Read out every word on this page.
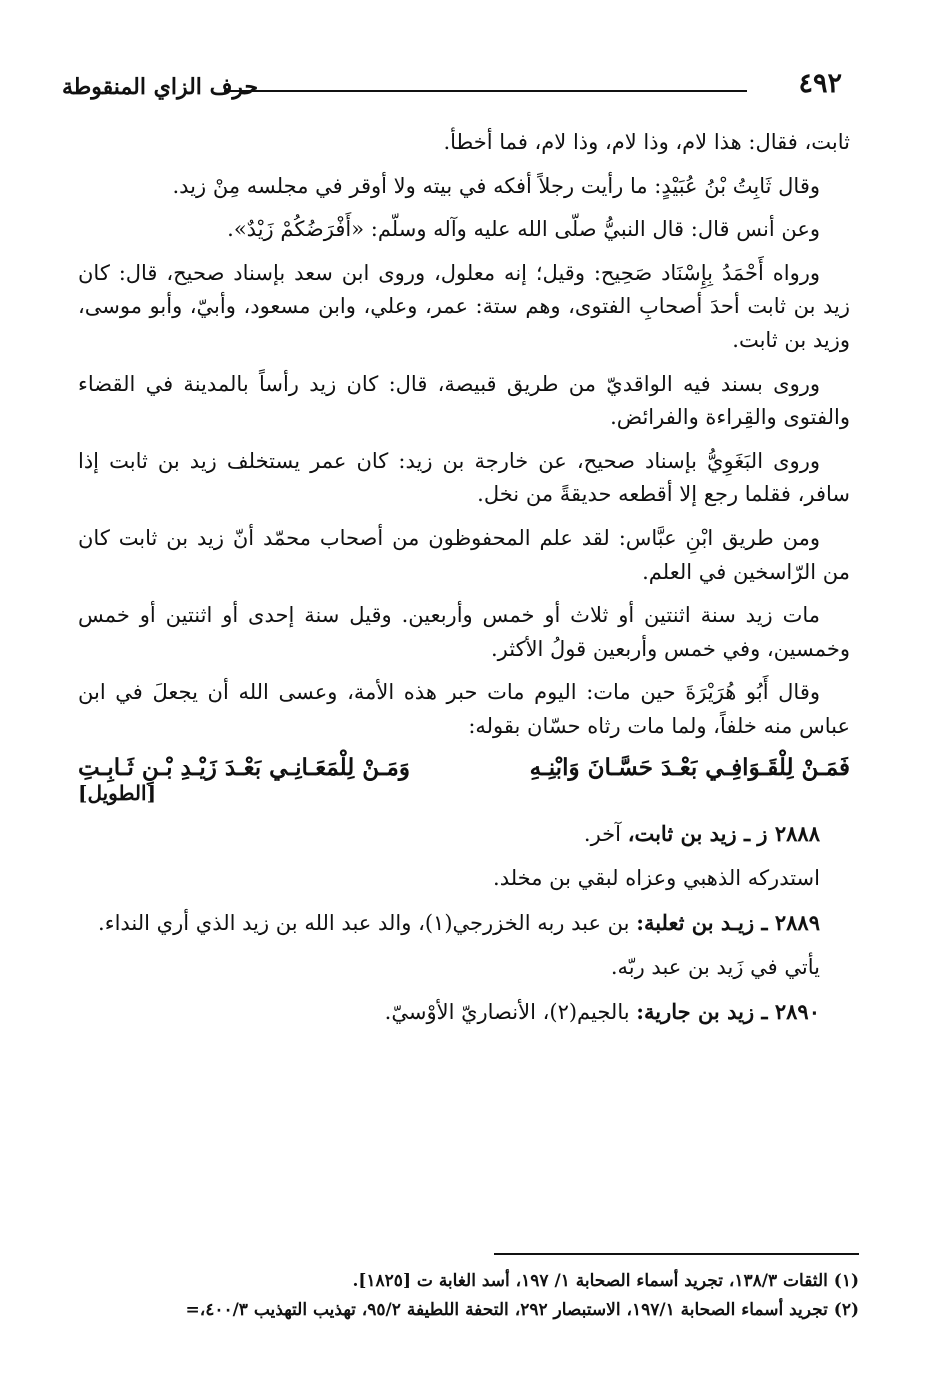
٤٩٢
حرف الزاي المنقوطة

ثابت، فقال: هذا لام، وذا لام، وذا لام، فما أخطأ.

وقال ثَابِتُ بْنُ عُبَيْدٍ: ما رأيت رجلاً أفكه في بيته ولا أوقر في مجلسه مِنْ زيد.

وعن أنس قال: قال النبيُّ صلّى الله عليه وآله وسلّم: «أَفْرَضُكُمْ زَيْدٌ».

ورواه أَحْمَدُ بِإِسْنَاد صَحِيح: وقيل؛ إنه معلول، وروى ابن سعد بإسناد صحيح، قال: كان زيد بن ثابت أحدَ أصحابِ الفتوى، وهم ستة: عمر، وعلي، وابن مسعود، وأبيّ، وأبو موسى، وزيد بن ثابت.

وروى بسند فيه الواقديّ من طريق قبيصة، قال: كان زيد رأساً بالمدينة في القضاء والفتوى والقِراءة والفرائض.

وروى البَغَوِيُّ بإسناد صحيح، عن خارجة بن زيد: كان عمر يستخلف زيد بن ثابت إذا سافر، فقلما رجع إلا أقطعه حديقةً من نخل.

ومن طريق ابْنِ عبَّاس: لقد علم المحفوظون من أصحاب محمّد أنّ زيد بن ثابت كان من الرّاسخين في العلم.

مات زيد سنة اثنتين أو ثلاث أو خمس وأربعين. وقيل سنة إحدى أو اثنتين أو خمس وخمسين، وفي خمس وأربعين قولُ الأكثر.

وقال أَبُو هُرَيْرَةَ حين مات: اليوم مات حبر هذه الأمة، وعسى الله أن يجعلَ في ابن عباس منه خلفاً، ولما مات رثاه حسّان بقوله:

فَمَـنْ لِلْقَـوَافِـي بَعْـدَ حَسَّـانَ وَابْنِـهِ
وَمَـنْ لِلْمَعَـانِـي بَعْـدَ زَيْـدِ بْـنِ ثَـابِـتِ
[الطويل]

٢٨٨٨ ز ـ زيد بن ثابت، آخر.

استدركه الذهبي وعزاه لبقي بن مخلد.

٢٨٨٩ ـ زيـد بن ثعلبة: بن عبد ربه الخزرجي(١)، والد عبد الله بن زيد الذي أري النداء.

يأتي في زَيد بن عبد ربّه.

٢٨٩٠ ـ زيد بن جارية: بالجيم(٢)، الأنصاريّ الأوْسيّ.

(١) الثقات ١٣٨/٣، تجريد أسماء الصحابة ١/ ١٩٧، أسد الغابة ت [١٨٢٥].

(٢) تجريد أسماء الصحابة ١٩٧/١، الاستبصار ٢٩٢، التحفة اللطيفة ٩٥/٢، تهذيب التهذيب ٤٠٠/٣،=
